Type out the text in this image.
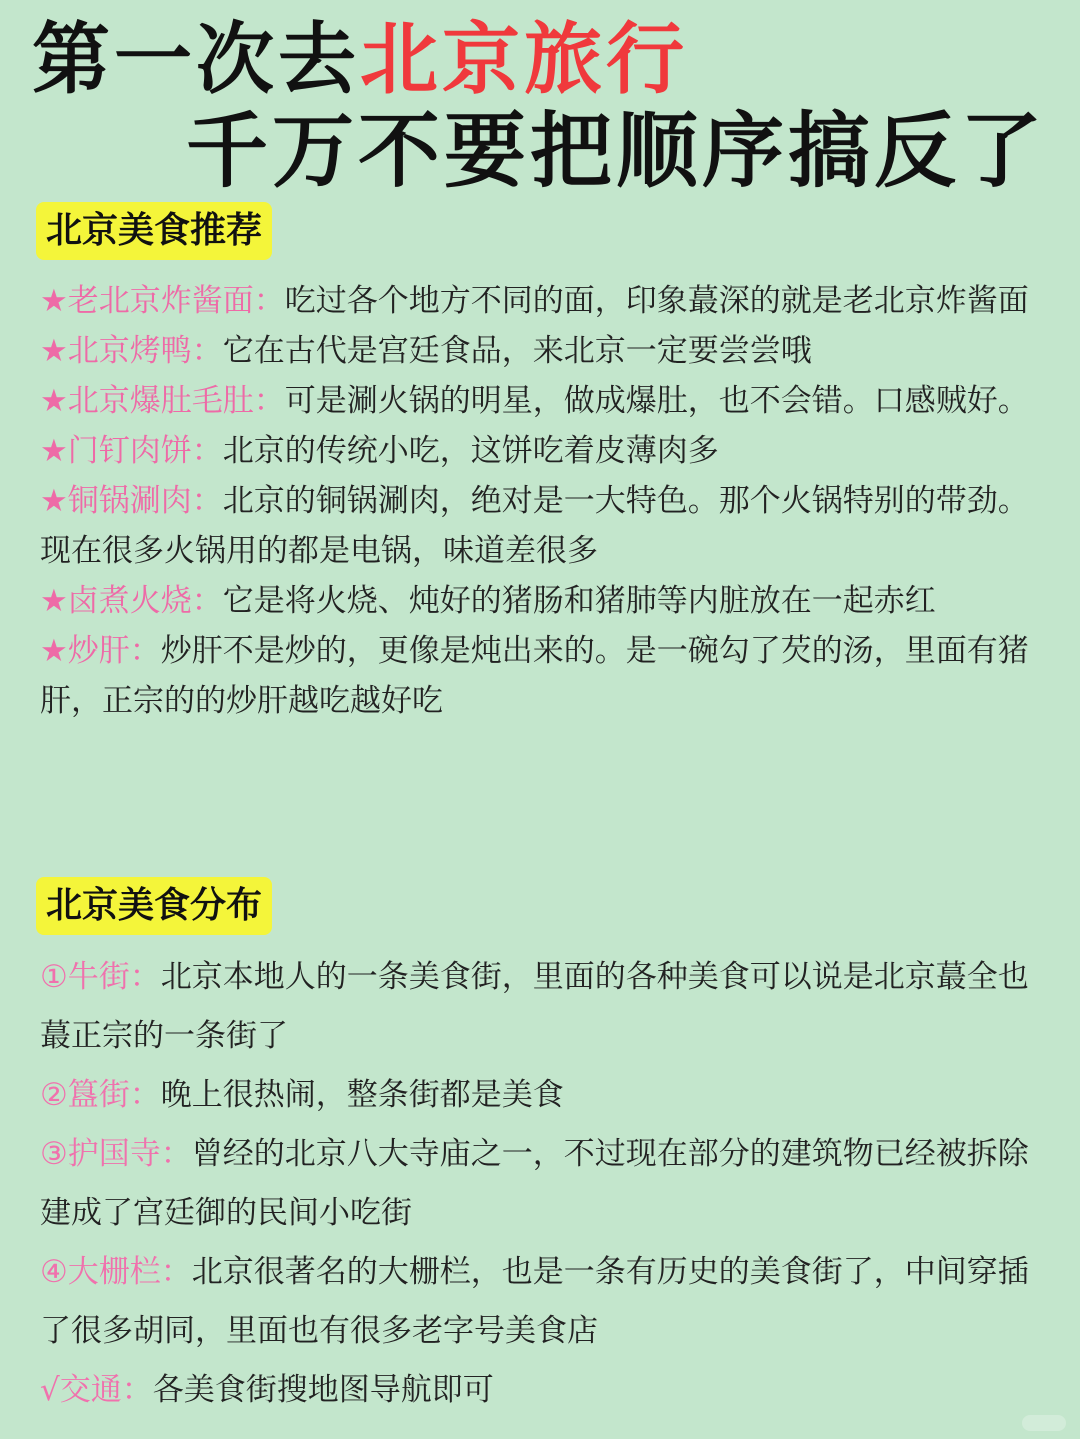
第一次去北京旅行
千万不要把顺序搞反了
北京美食推荐
★老北京炸酱面：吃过各个地方不同的面，印象蕞深的就是老北京炸酱面
★北京烤鸭：它在古代是宫廷食品，来北京一定要尝尝哦
★北京爆肚毛肚：可是涮火锅的明星，做成爆肚，也不会错。口感贼好。
★门钉肉饼：北京的传统小吃，这饼吃着皮薄肉多
★铜锅涮肉：北京的铜锅涮肉，绝对是一大特色。那个火锅特别的带劲。现在很多火锅用的都是电锅，味道差很多
★卤煮火烧：它是将火烧、炖好的猪肠和猪肺等内脏放在一起赤红
★炒肝：炒肝不是炒的，更像是炖出来的。是一碗勾了芡的汤，里面有猪肝，正宗的的炒肝越吃越好吃
北京美食分布
①牛街：北京本地人的一条美食街，里面的各种美食可以说是北京蕞全也蕞正宗的一条街了
②簋街：晚上很热闹，整条街都是美食
③护国寺：曾经的北京八大寺庙之一，不过现在部分的建筑物已经被拆除建成了宫廷御的民间小吃街
④大栅栏：北京很著名的大栅栏，也是一条有历史的美食街了，中间穿插了很多胡同，里面也有很多老字号美食店
√交通：各美食街搜地图导航即可
